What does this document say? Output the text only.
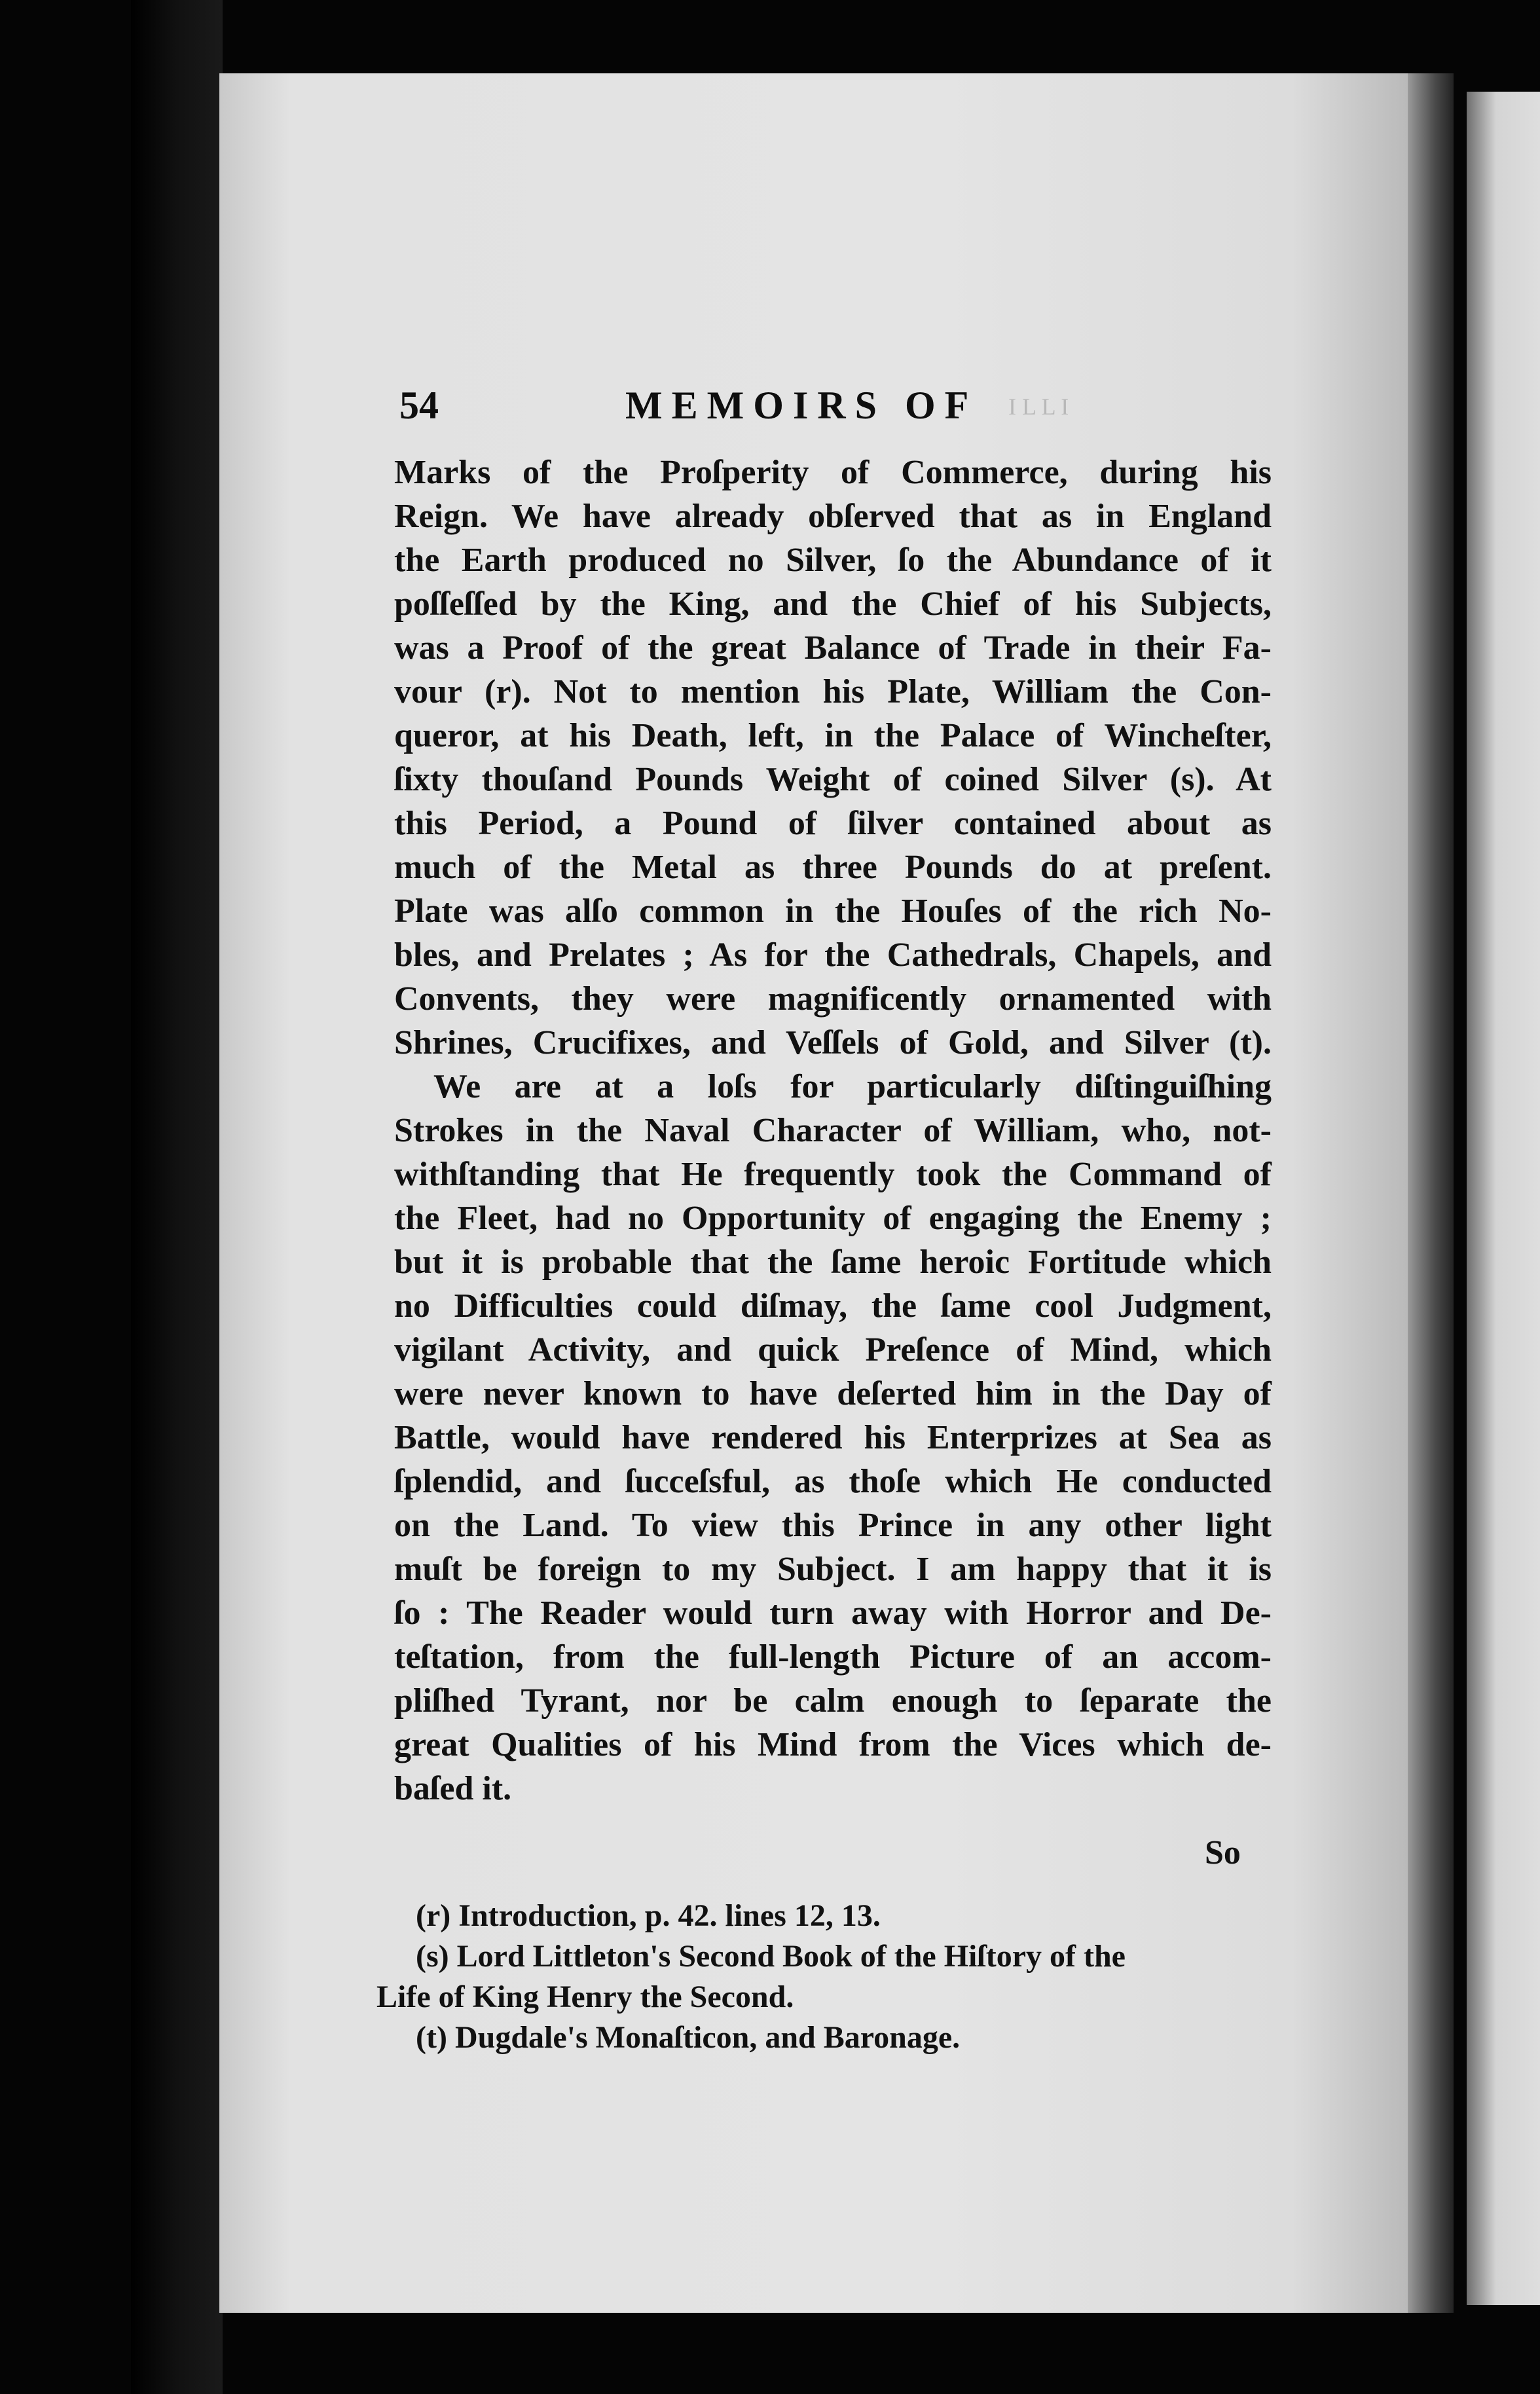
I L L I
54	MEMOIRS OF
Marks of the Proſperity of Commerce, during his
Reign. We have already obſerved that as in England
the Earth produced no Silver, ſo the Abundance of it
poſſeſſed by the King, and the Chief of his Subjects,
was a Proof of the great Balance of Trade in their Fa-
vour (r). Not to mention his Plate, William the Con-
queror, at his Death, left, in the Palace of Wincheſter,
ſixty thouſand Pounds Weight of coined Silver (s). At
this Period, a Pound of ſilver contained about as
much of the Metal as three Pounds do at preſent.
Plate was alſo common in the Houſes of the rich No-
bles, and Prelates ; As for the Cathedrals, Chapels, and
Convents, they were magnificently ornamented with
Shrines, Crucifixes, and Veſſels of Gold, and Silver (t).
We are at a loſs for particularly diſtinguiſhing
Strokes in the Naval Character of William, who, not-
withſtanding that He frequently took the Command of
the Fleet, had no Opportunity of engaging the Enemy ;
but it is probable that the ſame heroic Fortitude which
no Difficulties could diſmay, the ſame cool Judgment,
vigilant Activity, and quick Preſence of Mind, which
were never known to have deſerted him in the Day of
Battle, would have rendered his Enterprizes at Sea as
ſplendid, and ſucceſsful, as thoſe which He conducted
on the Land. To view this Prince in any other light
muſt be foreign to my Subject. I am happy that it is
ſo : The Reader would turn away with Horror and De-
teſtation, from the full-length Picture of an accom-
pliſhed Tyrant, nor be calm enough to ſeparate the
great Qualities of his Mind from the Vices which de-
baſed it.
So
(r) Introduction, p. 42. lines 12, 13.
(s) Lord Littleton's Second Book of the Hiſtory of the
Life of King Henry the Second.
(t) Dugdale's Monaſticon, and Baronage.
